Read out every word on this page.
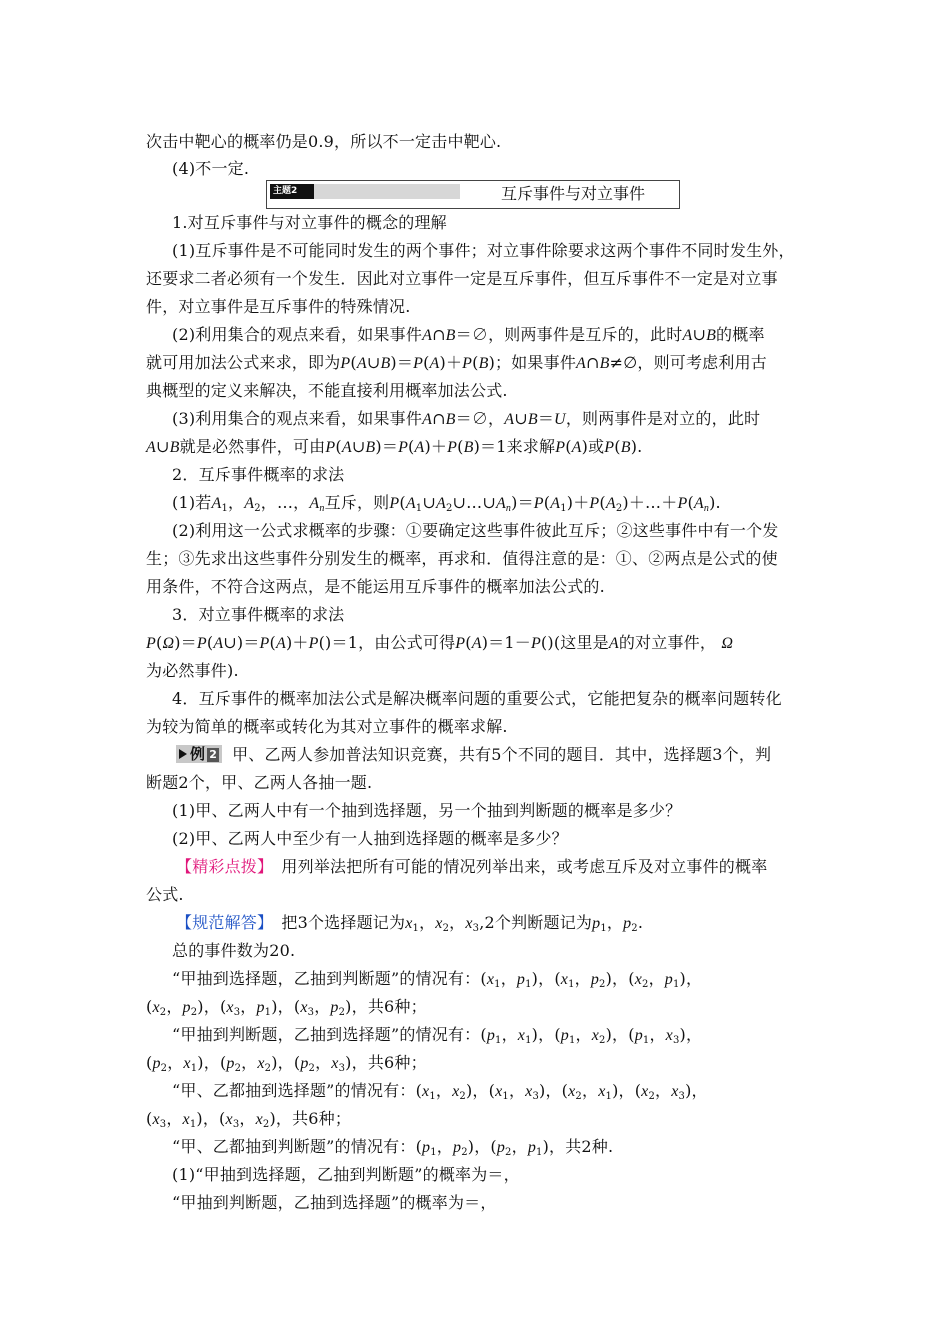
次击中靶心的概率仍是0.9，所以不一定击中靶心.
(4)不一定.
主题2	互斥事件与对立事件
1.对互斥事件与对立事件的概念的理解
(1)互斥事件是不可能同时发生的两个事件；对立事件除要求这两个事件不同时发生外，
还要求二者必须有一个发生．因此对立事件一定是互斥事件，但互斥事件不一定是对立事
件，对立事件是互斥事件的特殊情况.
(2)利用集合的观点来看，如果事件A∩B＝∅，则两事件是互斥的，此时A∪B的概率
就可用加法公式来求，即为P(A∪B)＝P(A)＋P(B)；如果事件A∩B≠∅，则可考虑利用古
典概型的定义来解决，不能直接利用概率加法公式.
(3)利用集合的观点来看，如果事件A∩B＝∅，A∪B＝U，则两事件是对立的，此时
A∪B就是必然事件，可由P(A∪B)＝P(A)＋P(B)＝1来求解P(A)或P(B).
2．互斥事件概率的求法
(1)若$A_1$，$A_2$，…，$A_n$互斥，则$P(A_1\cup A_2\cup\dots\cup A_n)=P(A_1)+P(A_2)+\dots+P(A_n)$.
(2)利用这一公式求概率的步骤：①要确定这些事件彼此互斥；②这些事件中有一个发
生；③先求出这些事件分别发生的概率，再求和．值得注意的是：①、②两点是公式的使
用条件，不符合这两点，是不能运用互斥事件的概率加法公式的.
3．对立事件概率的求法
P(Ω)＝P(A∪)＝P(A)＋P()＝1，由公式可得P(A)＝1－P()(这里是A的对立事件， Ω
为必然事件).
4．互斥事件的概率加法公式是解决概率问题的重要公式，它能把复杂的概率问题转化
为较为简单的概率或转化为其对立事件的概率求解.
例 2 甲、乙两人参加普法知识竞赛，共有5个不同的题目．其中，选择题3个，判
断题2个，甲、乙两人各抽一题.
(1)甲、乙两人中有一个抽到选择题，另一个抽到判断题的概率是多少？
(2)甲、乙两人中至少有一人抽到选择题的概率是多少？
【精彩点拨】　 用列举法把所有可能的情况列举出来，或考虑互斥及对立事件的概率
公式.
【规范解答】　 把3个选择题记为$x_1$，$x_2$，$x_3,2$个判断题记为$p_1$，$p_2$.
总的事件数为20.
“甲抽到选择题，乙抽到判断题”的情况有：($x_1$，$p_1$)，($x_1$，$p_2$)，($x_2$，$p_1$)，
($x_2$，$p_2$)，($x_3$，$p_1$)，($x_3$，$p_2$)，共6种；
“甲抽到判断题，乙抽到选择题”的情况有：($p_1$，$x_1$)，($p_1$，$x_2$)，($p_1$，$x_3$)，
($p_2$，$x_1$)，($p_2$，$x_2$)，($p_2$，$x_3$)，共6种；
“甲、乙都抽到选择题”的情况有：($x_1$，$x_2$)，($x_1$，$x_3$)，($x_2$，$x_1$)，($x_2$，$x_3$)，
($x_3$，$x_1$)，($x_3$，$x_2$)，共6种；
“甲、乙都抽到判断题”的情况有：($p_1$，$p_2$)，($p_2$，$p_1$)，共2种.
(1)“甲抽到选择题，乙抽到判断题”的概率为＝，
“甲抽到判断题，乙抽到选择题”的概率为＝，
